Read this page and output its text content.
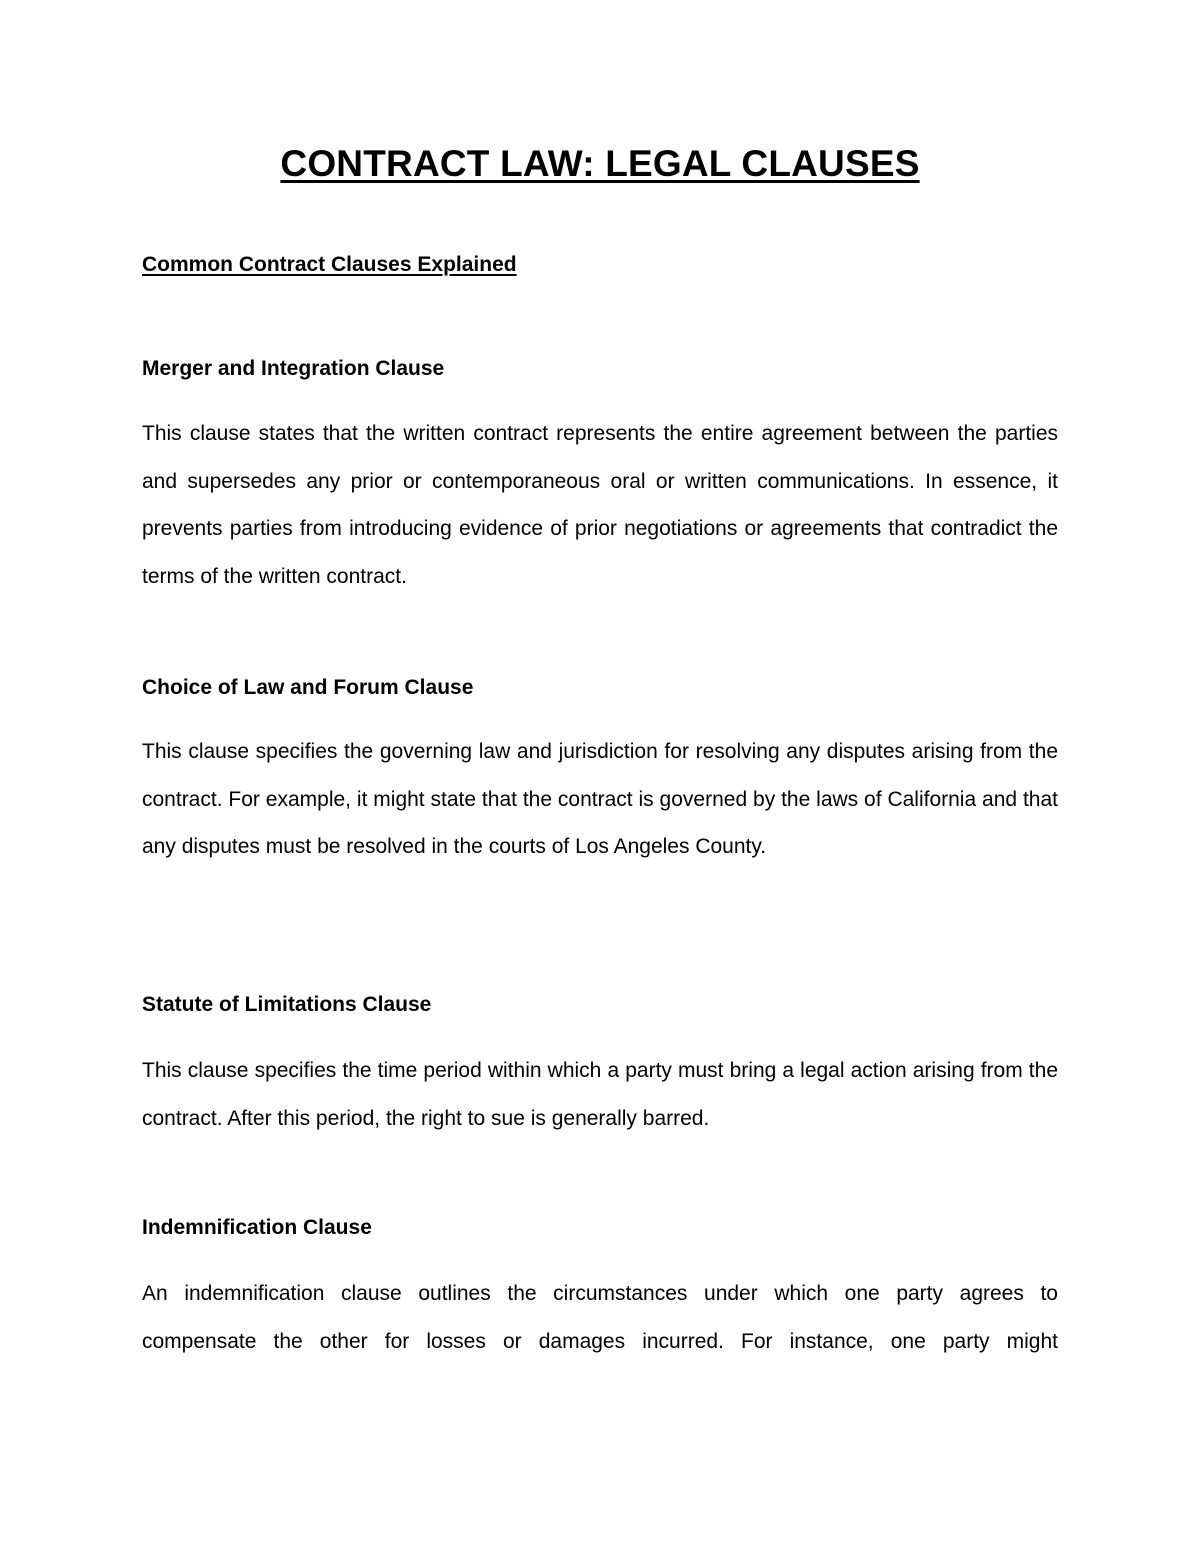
CONTRACT LAW: LEGAL CLAUSES
Common Contract Clauses Explained
Merger and Integration Clause

This clause states that the written contract represents the entire agreement between the parties and supersedes any prior or contemporaneous oral or written communications. In essence, it prevents parties from introducing evidence of prior negotiations or agreements that contradict the terms of the written contract.

Choice of Law and Forum Clause

This clause specifies the governing law and jurisdiction for resolving any disputes arising from the contract. For example, it might state that the contract is governed by the laws of California and that any disputes must be resolved in the courts of Los Angeles County.

Statute of Limitations Clause

This clause specifies the time period within which a party must bring a legal action arising from the contract. After this period, the right to sue is generally barred.

Indemnification Clause

An indemnification clause outlines the circumstances under which one party agrees to compensate the other for losses or damages incurred. For instance, one party might
